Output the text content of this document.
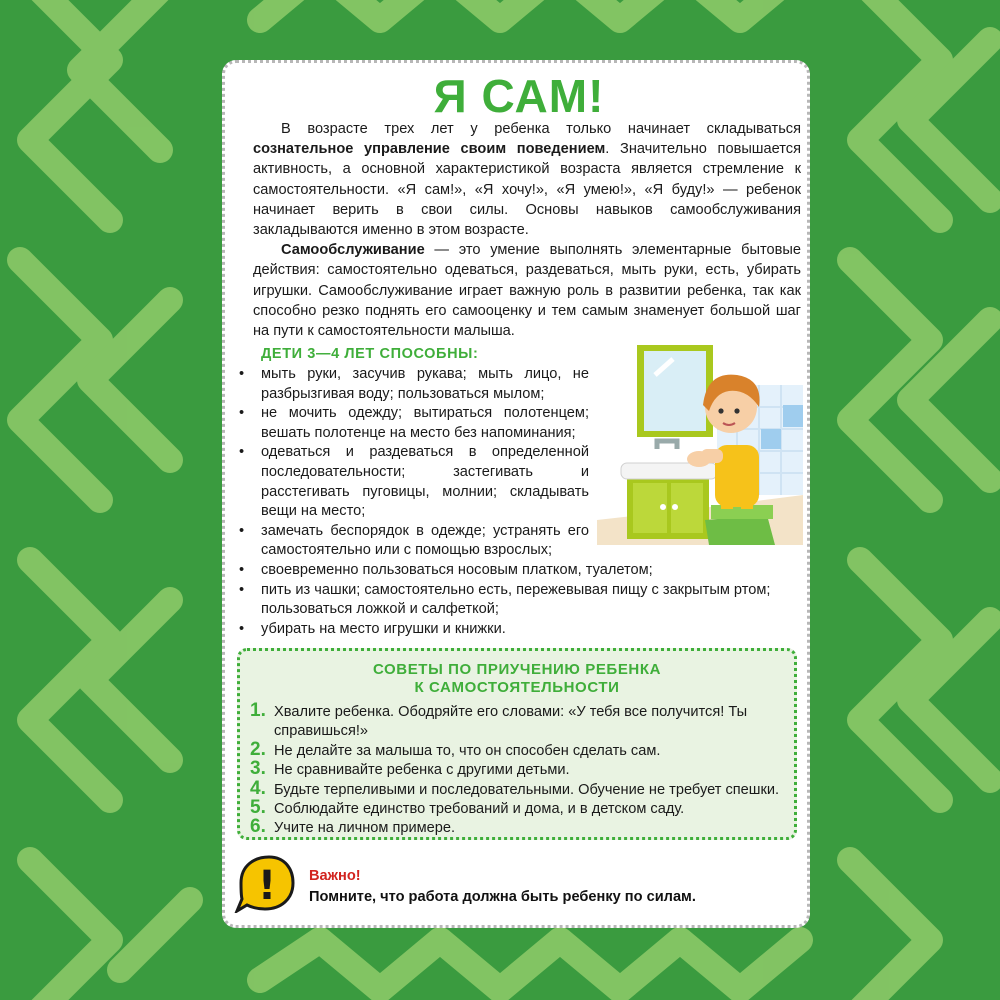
Я САМ!

В возрасте трех лет у ребенка только начинает складываться сознательное управление своим поведением. Значительно повышается активность, а основной характеристикой возраста является стремление к самостоятельности. «Я сам!», «Я хочу!», «Я умею!», «Я буду!» — ребенок начинает верить в свои силы. Основы навыков самообслуживания закладываются именно в этом возрасте.

Самообслуживание — это умение выполнять элементарные бытовые действия: самостоятельно одеваться, раздеваться, мыть руки, есть, убирать игрушки. Самообслуживание играет важную роль в развитии ребенка, так как способно резко поднять его самооценку и тем самым знаменует большой шаг на пути к самостоятельности малыша.

ДЕТИ 3—4 ЛЕТ СПОСОБНЫ:
• мыть руки, засучив рукава; мыть лицо, не разбрызгивая воду; пользоваться мылом;
• не мочить одежду; вытираться полотенцем; вешать полотенце на место без напоминания;
• одеваться и раздеваться в определенной последовательности; застегивать и расстегивать пуговицы, молнии; складывать вещи на место;
• замечать беспорядок в одежде; устранять его самостоятельно или с помощью взрослых;
• своевременно пользоваться носовым платком, туалетом;
• пить из чашки; самостоятельно есть, пережевывая пищу с закрытым ртом; пользоваться ложкой и салфеткой;
• убирать на место игрушки и книжки.
СОВЕТЫ ПО ПРИУЧЕНИЮ РЕБЕНКА
К САМОСТОЯТЕЛЬНОСТИ
1. Хвалите ребенка. Ободряйте его словами: «У тебя все получится! Ты справишься!»
2. Не делайте за малыша то, что он способен сделать сам.
3. Не сравнивайте ребенка с другими детьми.
4. Будьте терпеливыми и последовательными. Обучение не требует спешки.
5. Соблюдайте единство требований и дома, и в детском саду.
6. Учите на личном примере.
! Важно!
Помните, что работа должна быть ребенку по силам.
